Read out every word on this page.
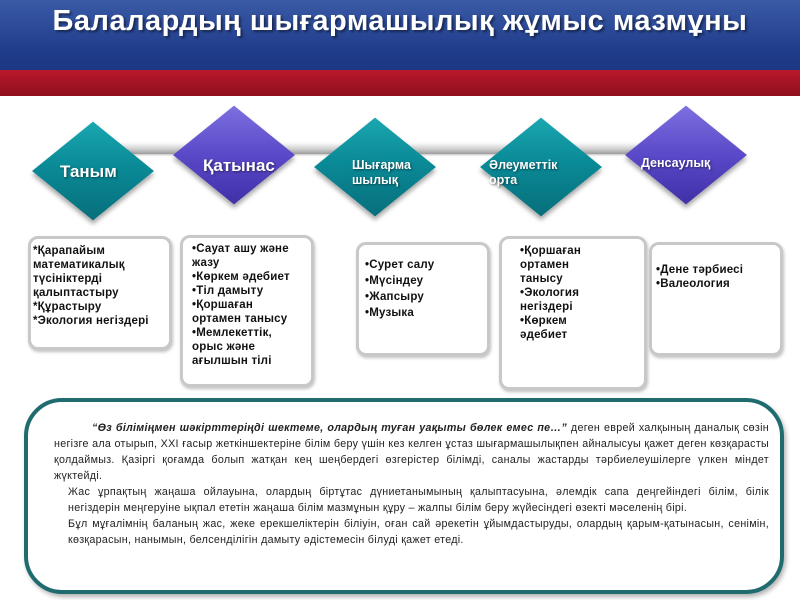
Балалардың шығармашылық жұмыс мазмұны
Таным	Қатынас	Шығарма
шылық
Әлеуметтік
орта
Денсаулық
*Қарапайым
математикалық
түсініктерді
қалыптастыру
*Құрастыру
*Экология негіздері
•Сауат ашу және
жазу
•Көркем әдебиет
•Тіл дамыту
•Қоршаған
ортамен танысу
•Мемлекеттік,
орыс және
ағылшын тілі
•Сурет салу
•Мүсіндеу
•Жапсыру
•Музыка
•Қоршаған
ортамен
танысу
•Экология
негіздері
•Көркем
әдебиет
•Дене тәрбиесі
•Валеология

“Өз біліміңмен шәкірттеріңді шектеме, олардың туған уақыты бөлек емес пе…” деген еврей халқының даналық сөзін негізге ала отырып, XXI ғасыр жеткіншектеріне білім беру үшін кез келген ұстаз шығармашылықпен айналысуы қажет деген көзқарасты қолдаймыз. Қазіргі қоғамда болып жатқан кең шеңбердегі өзгерістер білімді, саналы жастарды тәрбиелеушілерге үлкен міндет жүктейді.

Жас ұрпақтың жаңаша ойлауына, олардың біртұтас дүниетанымының қалыптасуына, әлемдік сапа деңгейіндегі білім, білік негіздерін меңгеруіне ықпал ететін жаңаша білім мазмұнын құру – жалпы білім беру жүйесіндегі өзекті мәселенің бірі.

Бұл мұғалімнің баланың жас, жеке ерекшеліктерін біліуін, оған сай әрекетін ұйымдастыруды, олардың қарым-қатынасын, сенімін, көзқарасын, нанымын, белсенділігін дамыту әдістемесін білуді қажет етеді.
